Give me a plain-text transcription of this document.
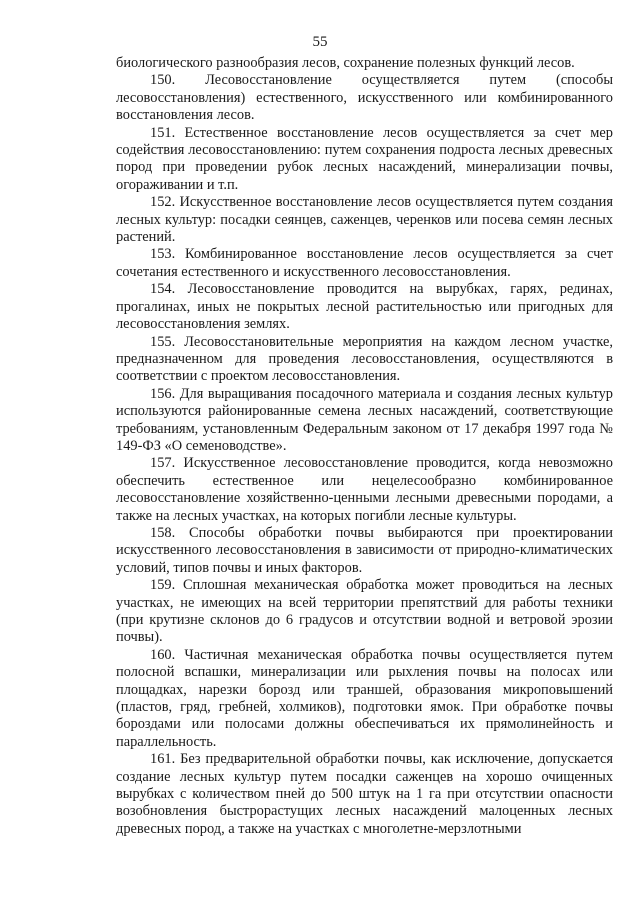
55

биологического разнообразия лесов, сохранение полезных функций лесов.

150. Лесовосстановление осуществляется путем (способы лесовосстановления) естественного, искусственного или комбинированного восстановления лесов.

151. Естественное восстановление лесов осуществляется за счет мер содействия лесовосстановлению: путем сохранения подроста лесных древесных пород при проведении рубок лесных насаждений, минерализации почвы, огораживании и т.п.

152. Искусственное восстановление лесов осуществляется путем создания лесных культур: посадки сеянцев, саженцев, черенков или посева семян лесных растений.

153. Комбинированное восстановление лесов осуществляется за счет сочетания естественного и искусственного лесовосстановления.

154. Лесовосстановление проводится на вырубках, гарях, рединах, прогалинах, иных не покрытых лесной растительностью или пригодных для лесовосстановления землях.

155. Лесовосстановительные мероприятия на каждом лесном участке, предназначенном для проведения лесовосстановления, осуществляются в соответствии с проектом лесовосстановления.

156. Для выращивания посадочного материала и создания лесных культур используются районированные семена лесных насаждений, соответствующие требованиям, установленным Федеральным законом от 17 декабря 1997 года № 149-ФЗ «О семеноводстве».

157. Искусственное лесовосстановление проводится, когда невозможно обеспечить естественное или нецелесообразно комбинированное лесовосстановление хозяйственно-ценными лесными древесными породами, а также на лесных участках, на которых погибли лесные культуры.

158. Способы обработки почвы выбираются при проектировании искусственного лесовосстановления в зависимости от природно-климатических условий, типов почвы и иных факторов.

159. Сплошная механическая обработка может проводиться на лесных участках, не имеющих на всей территории препятствий для работы техники (при крутизне склонов до 6 градусов и отсутствии водной и ветровой эрозии почвы).

160. Частичная механическая обработка почвы осуществляется путем полосной вспашки, минерализации или рыхления почвы на полосах или площадках, нарезки борозд или траншей, образования микроповышений (пластов, гряд, гребней, холмиков), подготовки ямок. При обработке почвы бороздами или полосами должны обеспечиваться их прямолинейность и параллельность.

161. Без предварительной обработки почвы, как исключение, допускается создание лесных культур путем посадки саженцев на хорошо очищенных вырубках с количеством пней до 500 штук на 1 га при отсутствии опасности возобновления быстрорастущих лесных насаждений малоценных лесных древесных пород, а также на участках с многолетне-мерзлотными
